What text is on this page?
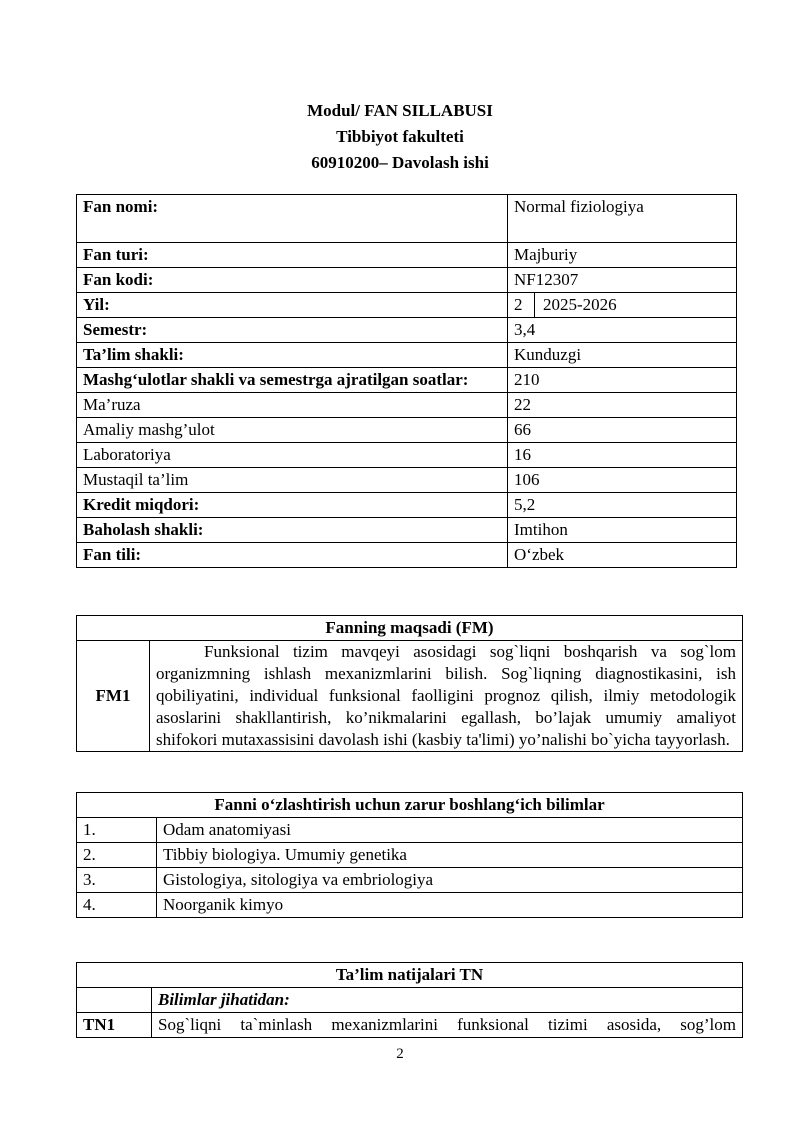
Modul/ FAN SILLABUSI
Tibbiyot fakulteti
60910200– Davolash ishi
Fan nomi:	Normal fiziologiya
Fan turi:	Majburiy
Fan kodi:	NF12307
Yil:	2 2025-2026
Semestr:	3,4
Ta’lim shakli:	Kunduzgi
Mashg‘ulotlar shakli va semestrga ajratilgan soatlar:	210
Ma’ruza	22
Amaliy mashg’ulot	66
Laboratoriya	16
Mustaqil ta’lim	106
Kredit miqdori:	5,2
Baholash shakli:	Imtihon
Fan tili:	O‘zbek
Fanning maqsadi (FM)
FM1	Funksional tizim mavqeyi asosidagi sog`liqni boshqarish va sog`lom organizmning ishlash mexanizmlarini bilish. Sog`liqning diagnostikasini, ish qobiliyatini, individual funksional faolligini prognoz qilish, ilmiy metodologik asoslarini shakllantirish, ko’nikmalarini egallash, bo’lajak umumiy amaliyot shifokori mutaxassisini davolash ishi (kasbiy ta'limi) yo’nalishi bo`yicha tayyorlash.
Fanni o‘zlashtirish uchun zarur boshlang‘ich bilimlar	
1.	Odam anatomiyasi
2.	Tibbiy biologiya. Umumiy genetika
3.	Gistologiya, sitologiya va embriologiya
4.	Noorganik kimyo
Ta’lim natijalari TN	
	Bilimlar jihatidan:
TN1	Sog`liqni ta`minlash mexanizmlarini funksional tizimi asosida, sog’lom
2
